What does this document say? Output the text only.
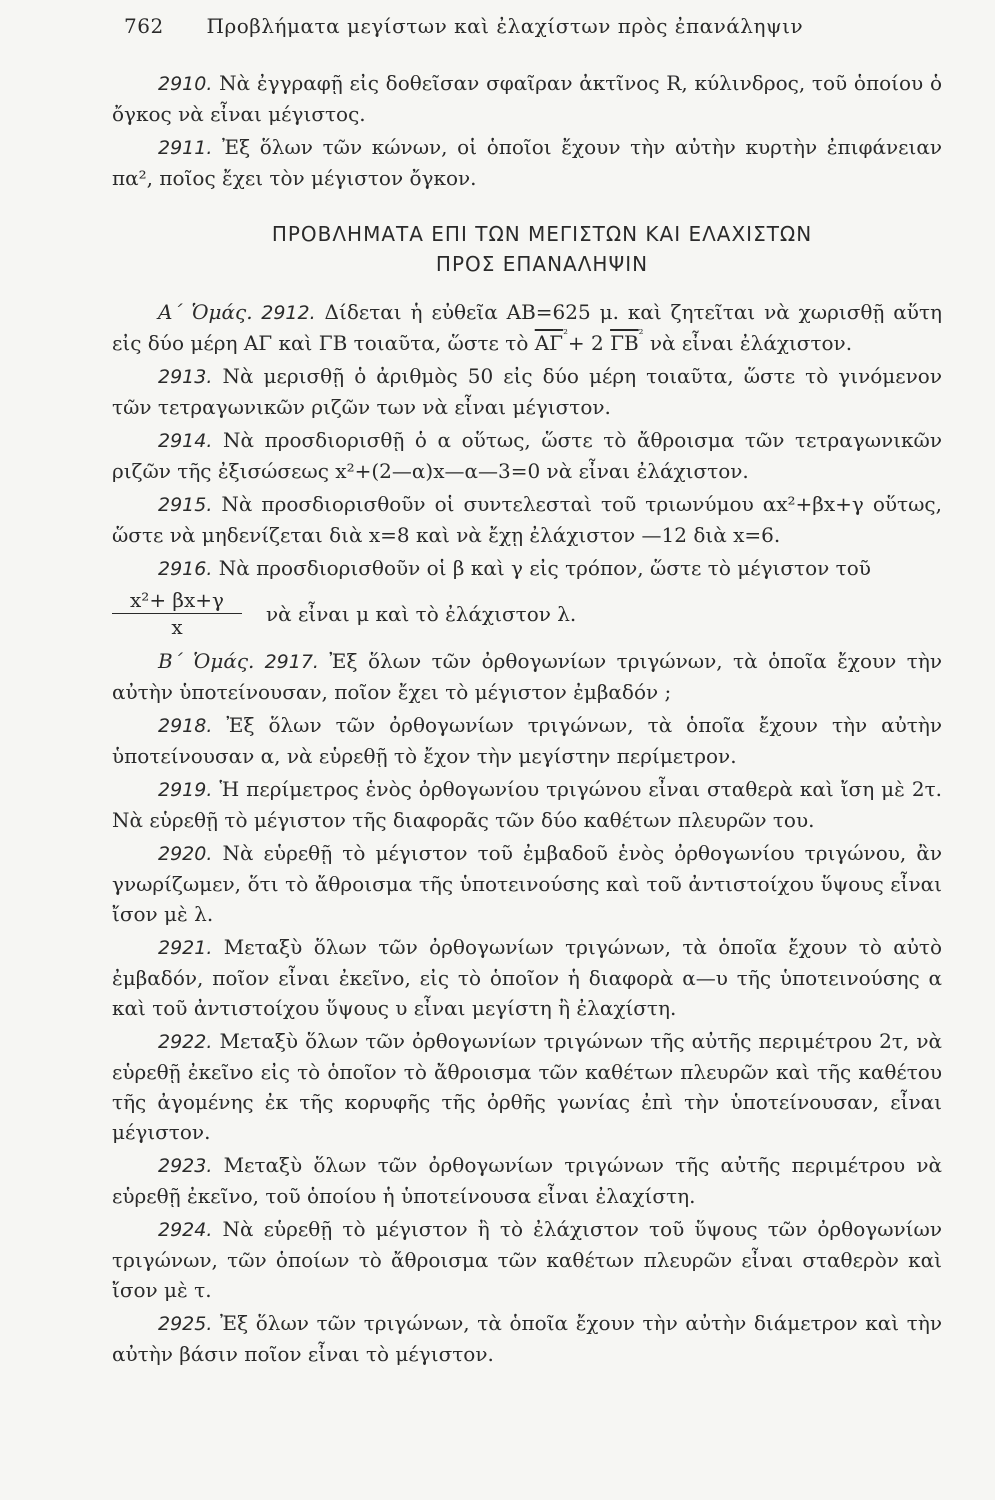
762 Προβλήματα μεγίστων καὶ ἐλαχίστων πρὸς ἐπανάληψιν

2910. Νὰ ἐγγραφῇ εἰς δοθεῖσαν σφαῖραν ἀκτῖνος R, κύλινδρος, τοῦ ὁποίου ὁ ὄγκος νὰ εἶναι μέγιστος.

2911. Ἐξ ὅλων τῶν κώνων, οἱ ὁποῖοι ἔχουν τὴν αὐτὴν κυρτὴν ἐπιφάνειαν πα², ποῖος ἔχει τὸν μέγιστον ὄγκον.

ΠΡΟΒΛΗΜΑΤΑ ΕΠΙ ΤΩΝ ΜΕΓΙΣΤΩΝ ΚΑΙ ΕΛΑΧΙΣΤΩΝ
ΠΡΟΣ ΕΠΑΝΑΛΗΨΙΝ

Α΄ Ὁμάς. 2912. Δίδεται ἡ εὐθεῖα ΑΒ=625 μ. καὶ ζητεῖται νὰ χωρισθῇ αὕτη εἰς δύο μέρη ΑΓ καὶ ΓΒ τοιαῦτα, ὥστε τὸ $\overline{A\Gamma}^{^2}+ 2$ $\overline{\Gamma B}^{^2}$ νὰ εἶναι ἐλάχιστον.

2913. Νὰ μερισθῇ ὁ ἀριθμὸς 50 εἰς δύο μέρη τοιαῦτα, ὥστε τὸ γινόμενον τῶν τετραγωνικῶν ριζῶν των νὰ εἶναι μέγιστον.

2914. Νὰ προσδιορισθῇ ὁ α οὕτως, ὥστε τὸ ἄθροισμα τῶν τετραγωνικῶν ριζῶν τῆς ἐξισώσεως x²+(2—α)x—α—3=0 νὰ εἶναι ἐλάχιστον.

2915. Νὰ προσδιορισθοῦν οἱ συντελεσταὶ τοῦ τριωνύμου αx²+βx+γ οὕτως, ὥστε νὰ μηδενίζεται διὰ x=8 καὶ νὰ ἔχῃ ἐλάχιστον —12 διὰ x=6.

2916. Νὰ προσδιορισθοῦν οἱ β καὶ γ εἰς τρόπον, ὥστε τὸ μέγιστον τοῦ

$\frac{\text{x²+ βx+γ}}{x}$ νὰ εἶναι μ καὶ τὸ ἐλάχιστον λ.

Β΄ Ὁμάς. 2917. Ἐξ ὅλων τῶν ὀρθογωνίων τριγώνων, τὰ ὁποῖα ἔχουν τὴν αὐτὴν ὑποτείνουσαν, ποῖον ἔχει τὸ μέγιστον ἐμβαδόν ;

2918. Ἐξ ὅλων τῶν ὀρθογωνίων τριγώνων, τὰ ὁποῖα ἔχουν τὴν αὐτὴν ὑποτείνουσαν α, νὰ εὑρεθῇ τὸ ἔχον τὴν μεγίστην περίμετρον.

2919. Ἡ περίμετρος ἑνὸς ὀρθογωνίου τριγώνου εἶναι σταθερὰ καὶ ἴση μὲ 2τ. Νὰ εὑρεθῇ τὸ μέγιστον τῆς διαφορᾶς τῶν δύο καθέτων πλευρῶν του.

2920. Νὰ εὑρεθῇ τὸ μέγιστον τοῦ ἐμβαδοῦ ἑνὸς ὀρθογωνίου τριγώνου, ἂν γνωρίζωμεν, ὅτι τὸ ἄθροισμα τῆς ὑποτεινούσης καὶ τοῦ ἀντιστοίχου ὕψους εἶναι ἴσον μὲ λ.

2921. Μεταξὺ ὅλων τῶν ὀρθογωνίων τριγώνων, τὰ ὁποῖα ἔχουν τὸ αὐτὸ ἐμβαδόν, ποῖον εἶναι ἐκεῖνο, εἰς τὸ ὁποῖον ἡ διαφορὰ α—υ τῆς ὑποτεινούσης α καὶ τοῦ ἀντιστοίχου ὕψους υ εἶναι μεγίστη ἢ ἐλαχίστη.

2922. Μεταξὺ ὅλων τῶν ὀρθογωνίων τριγώνων τῆς αὐτῆς περιμέτρου 2τ, νὰ εὑρεθῇ ἐκεῖνο εἰς τὸ ὁποῖον τὸ ἄθροισμα τῶν καθέτων πλευρῶν καὶ τῆς καθέτου τῆς ἀγομένης ἐκ τῆς κορυφῆς τῆς ὀρθῆς γωνίας ἐπὶ τὴν ὑποτείνουσαν, εἶναι μέγιστον.

2923. Μεταξὺ ὅλων τῶν ὀρθογωνίων τριγώνων τῆς αὐτῆς περιμέτρου νὰ εὑρεθῇ ἐκεῖνο, τοῦ ὁποίου ἡ ὑποτείνουσα εἶναι ἐλαχίστη.

2924. Νὰ εὑρεθῇ τὸ μέγιστον ἢ τὸ ἐλάχιστον τοῦ ὕψους τῶν ὀρθογωνίων τριγώνων, τῶν ὁποίων τὸ ἄθροισμα τῶν καθέτων πλευρῶν εἶναι σταθερὸν καὶ ἴσον μὲ τ.

2925. Ἐξ ὅλων τῶν τριγώνων, τὰ ὁποῖα ἔχουν τὴν αὐτὴν διάμετρον καὶ τὴν αὐτὴν βάσιν ποῖον εἶναι τὸ μέγιστον.
